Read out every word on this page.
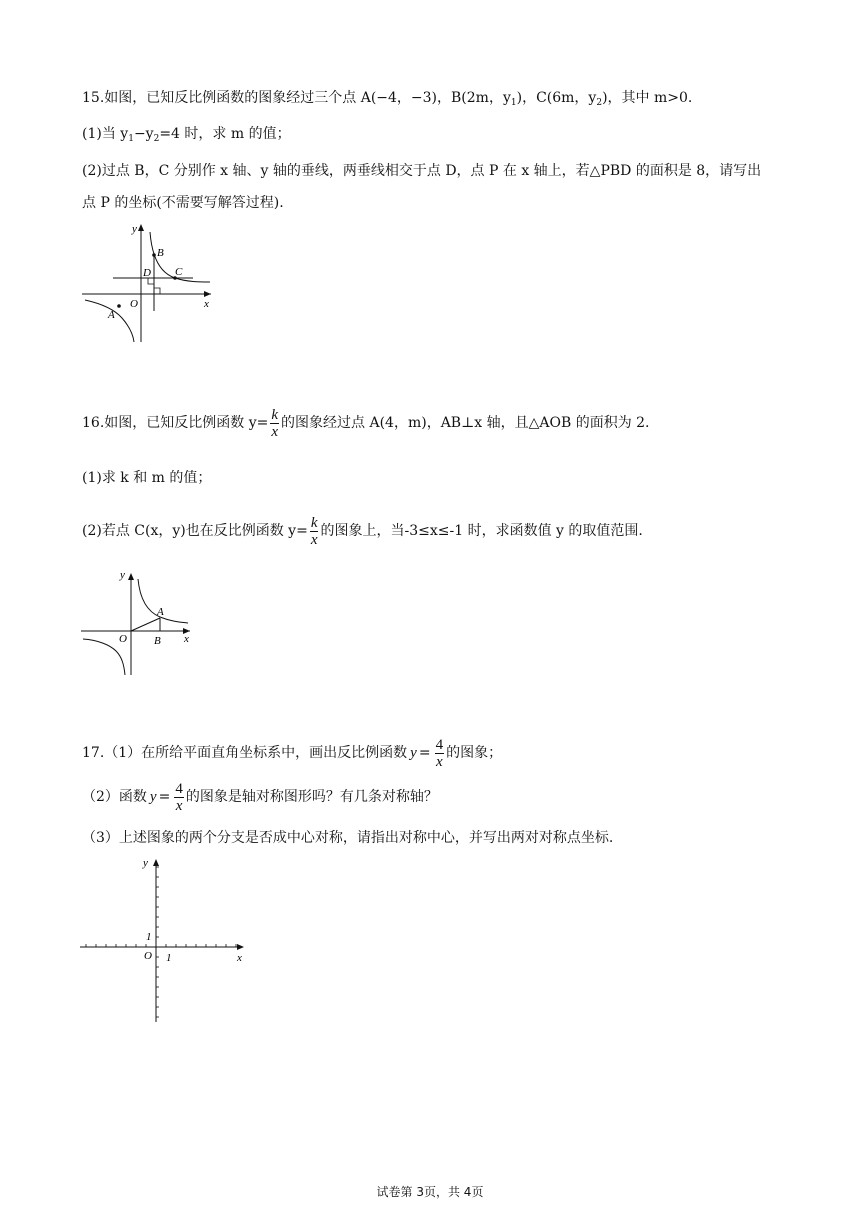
15.如图，已知反比例函数的图象经过三个点 A(−4，−3)，B(2m，$y_1$)，C(6m，$y_2$)，其中 m>0.
(1)当 $y_1-y_2=4$ 时，求 m 的值；
(2)过点 B，C 分别作 x 轴、y 轴的垂线，两垂线相交于点 D，点 P 在 x 轴上，若△PBD 的面积是 8，请写出
点 P 的坐标(不需要写解答过程).
y
x
O
B
C
D
A
16.如图，已知反比例函数 $y= \frac{k}{x}$ 的图象经过点 A(4，m)，AB⊥x 轴，且△AOB 的面积为 2.
(1)求 k 和 m 的值；
(2)若点 C(x，y)也在反比例函数 $y= \frac{k}{x}$ 的图象上，当-3≤x≤-1 时，求函数值 y 的取值范围.
y
x
O
A
B
17.（1）在所给平面直角坐标系中，画出反比例函数 $y = \frac{4}{x}$ 的图象；
（2）函数 $y = \frac{4}{x}$ 的图象是轴对称图形吗？有几条对称轴？
（3）上述图象的两个分支是否成中心对称，请指出对称中心，并写出两对对称点坐标.
y
x
O 1
1
试卷第 3页，共 4页
